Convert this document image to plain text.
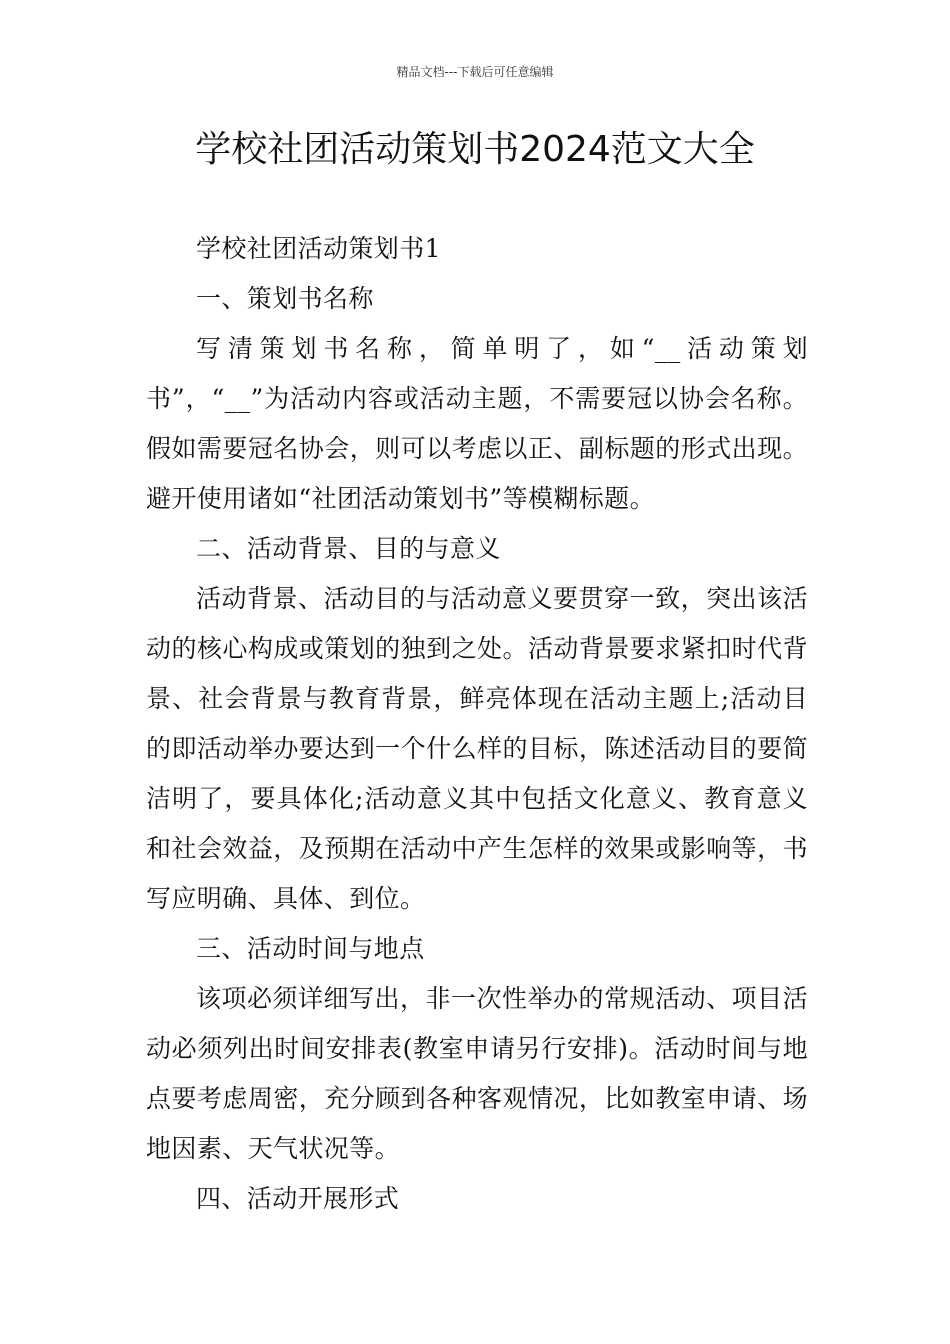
精品文档---下载后可任意编辑
学校社团活动策划书2024范文大全

学校社团活动策划书1

一、策划书名称

写清策划书名称，简单明了，如“__活动策划书”，“__”为活动内容或活动主题，不需要冠以协会名称。假如需要冠名协会，则可以考虑以正、副标题的形式出现。避开使用诸如“社团活动策划书”等模糊标题。

二、活动背景、目的与意义

活动背景、活动目的与活动意义要贯穿一致，突出该活动的核心构成或策划的独到之处。活动背景要求紧扣时代背景、社会背景与教育背景，鲜亮体现在活动主题上;活动目的即活动举办要达到一个什么样的目标，陈述活动目的要简洁明了，要具体化;活动意义其中包括文化意义、教育意义和社会效益，及预期在活动中产生怎样的效果或影响等，书写应明确、具体、到位。

三、活动时间与地点

该项必须详细写出，非一次性举办的常规活动、项目活动必须列出时间安排表(教室申请另行安排)。活动时间与地点要考虑周密，充分顾到各种客观情况，比如教室申请、场地因素、天气状况等。

四、活动开展形式
